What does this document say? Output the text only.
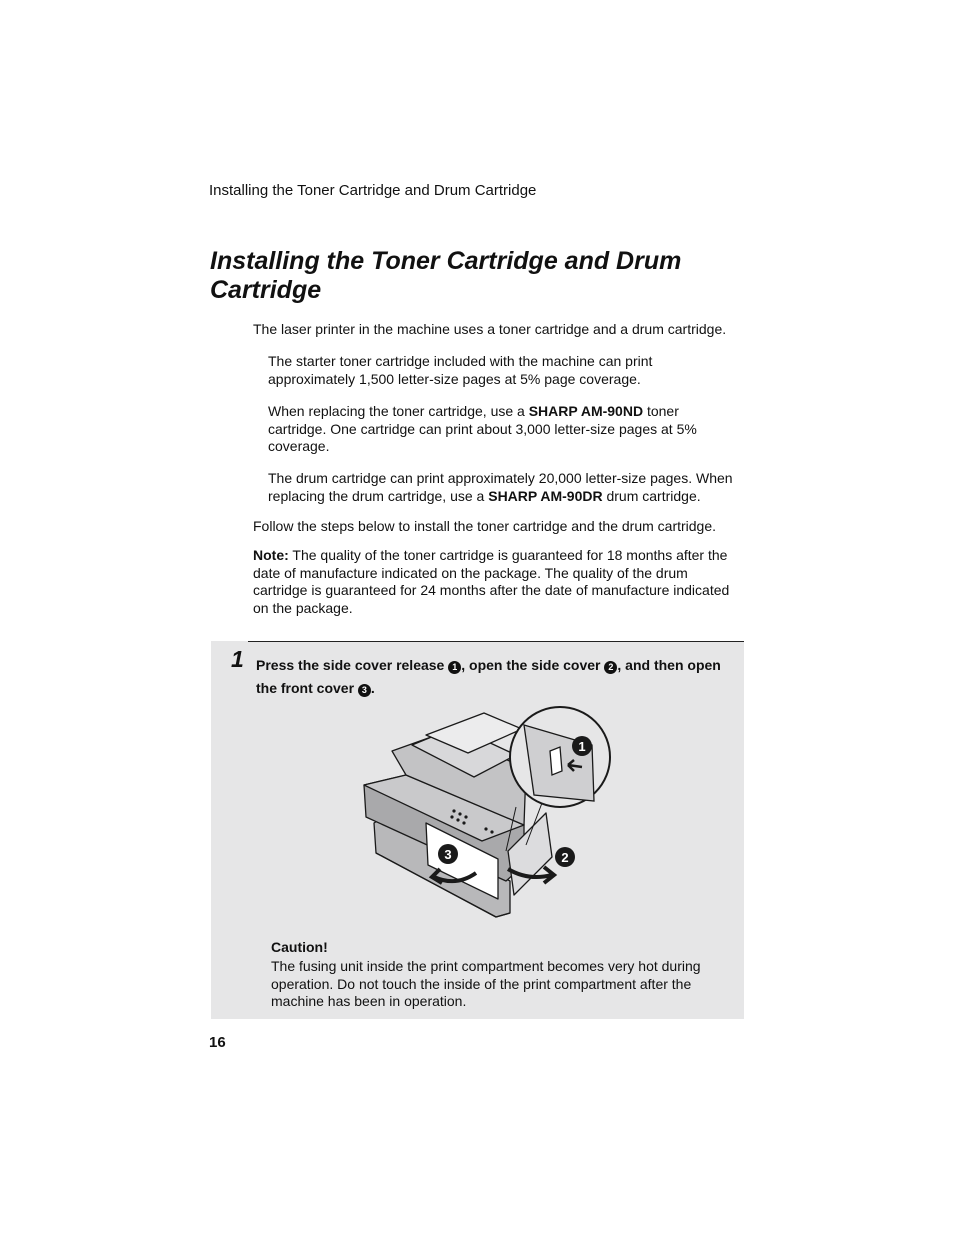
Installing the Toner Cartridge and Drum Cartridge
Installing the Toner Cartridge and Drum Cartridge

The laser printer in the machine uses a toner cartridge and a drum cartridge.

The starter toner cartridge included with the machine can print approximately 1,500 letter-size pages at 5% page coverage.

When replacing the toner cartridge, use a SHARP AM-90ND toner cartridge. One cartridge can print about 3,000 letter-size pages at 5% coverage.

The drum cartridge can print approximately 20,000 letter-size pages. When replacing the drum cartridge, use a SHARP AM-90DR drum cartridge.

Follow the steps below to install the toner cartridge and the drum cartridge.

Note: The quality of the toner cartridge is guaranteed for 18 months after the date of manufacture indicated on the package. The quality of the drum cartridge is guaranteed for 24 months after the date of manufacture indicated on the package.

1 Press the side cover release 1 , open the side cover 2 , and then open the front cover 3 .

1
2
3
Caution!

The fusing unit inside the print compartment becomes very hot during operation. Do not touch the inside of the print compartment after the machine has been in operation.

16
